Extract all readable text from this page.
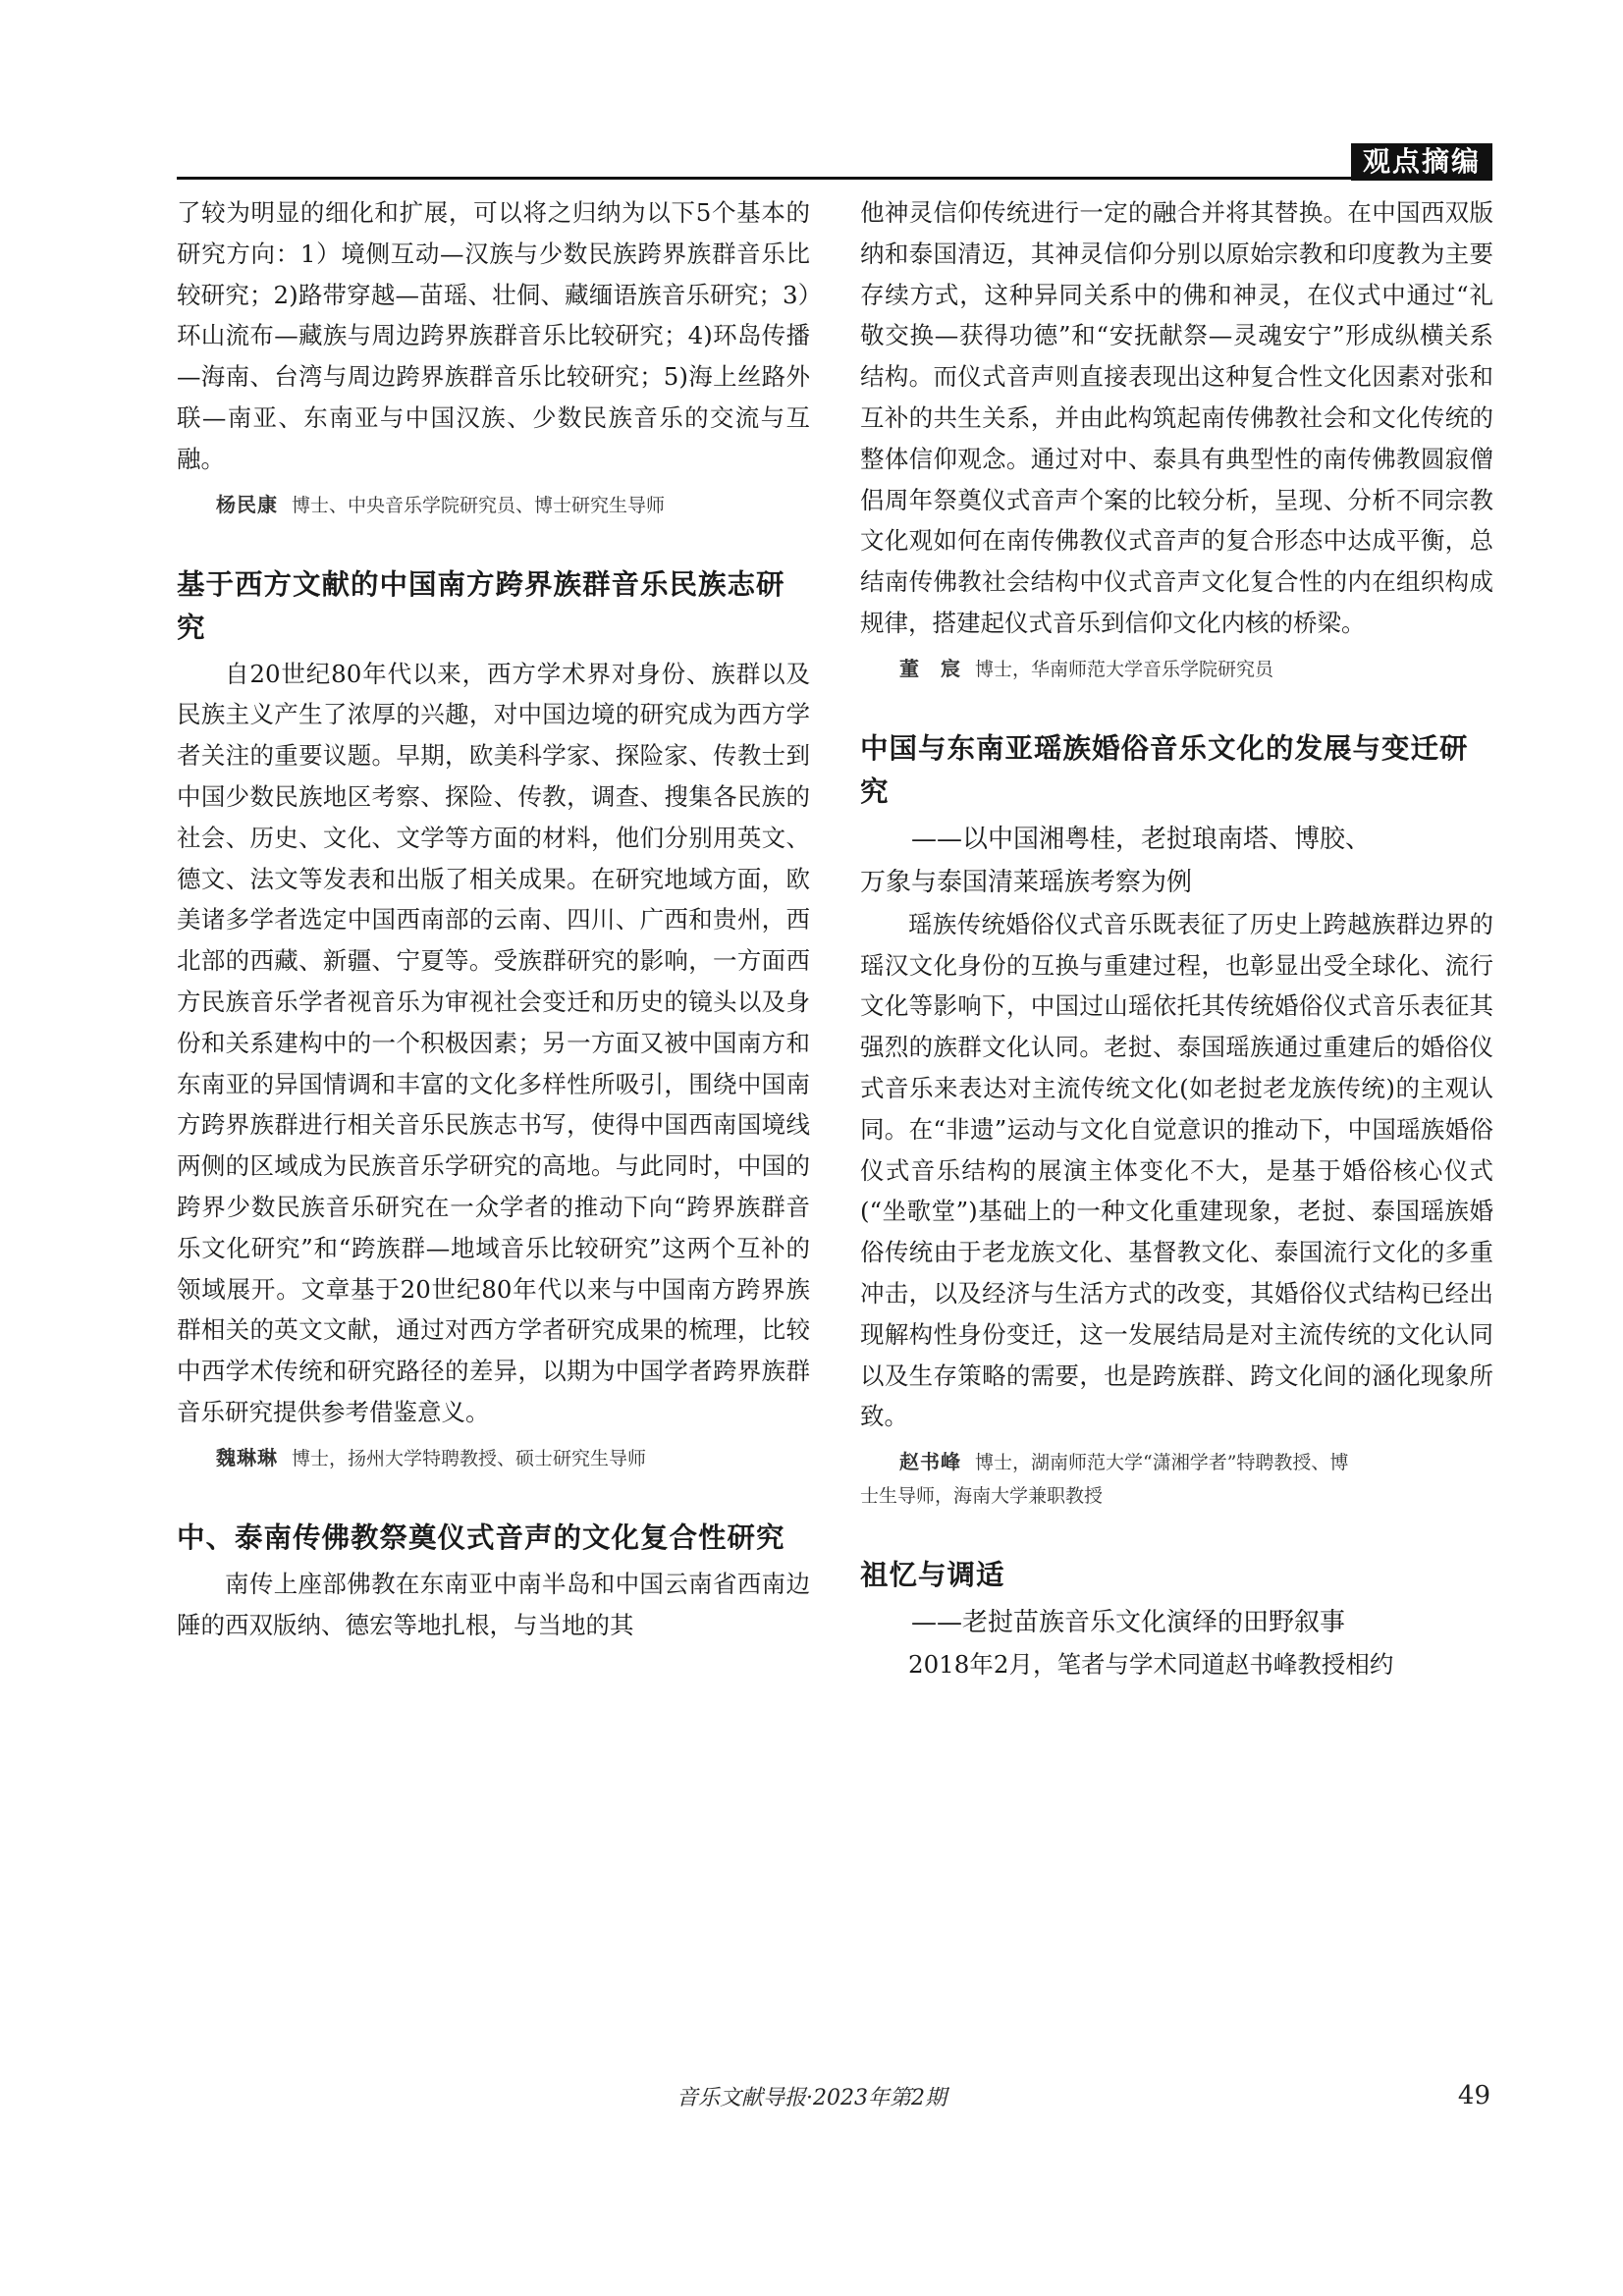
观点摘编

了较为明显的细化和扩展，可以将之归纳为以下5个基本的研究方向：1）境侧互动—汉族与少数民族跨界族群音乐比较研究；2)路带穿越—苗瑶、壮侗、藏缅语族音乐研究；3）环山流布—藏族与周边跨界族群音乐比较研究；4)环岛传播—海南、台湾与周边跨界族群音乐比较研究；5)海上丝路外联—南亚、东南亚与中国汉族、少数民族音乐的交流与互融。

杨民康 博士、中央音乐学院研究员、博士研究生导师
基于西方文献的中国南方跨界族群音乐民族志研究

自20世纪80年代以来，西方学术界对身份、族群以及民族主义产生了浓厚的兴趣，对中国边境的研究成为西方学者关注的重要议题。早期，欧美科学家、探险家、传教士到中国少数民族地区考察、探险、传教，调查、搜集各民族的社会、历史、文化、文学等方面的材料，他们分别用英文、德文、法文等发表和出版了相关成果。在研究地域方面，欧美诸多学者选定中国西南部的云南、四川、广西和贵州，西北部的西藏、新疆、宁夏等。受族群研究的影响，一方面西方民族音乐学者视音乐为审视社会变迁和历史的镜头以及身份和关系建构中的一个积极因素；另一方面又被中国南方和东南亚的异国情调和丰富的文化多样性所吸引，围绕中国南方跨界族群进行相关音乐民族志书写，使得中国西南国境线两侧的区域成为民族音乐学研究的高地。与此同时，中国的跨界少数民族音乐研究在一众学者的推动下向“跨界族群音乐文化研究”和“跨族群—地域音乐比较研究”这两个互补的领域展开。文章基于20世纪80年代以来与中国南方跨界族群相关的英文文献，通过对西方学者研究成果的梳理，比较中西学术传统和研究路径的差异，以期为中国学者跨界族群音乐研究提供参考借鉴意义。

魏琳琳 博士，扬州大学特聘教授、硕士研究生导师
中、泰南传佛教祭奠仪式音声的文化复合性研究

南传上座部佛教在东南亚中南半岛和中国云南省西南边陲的西双版纳、德宏等地扎根，与当地的其

他神灵信仰传统进行一定的融合并将其替换。在中国西双版纳和泰国清迈，其神灵信仰分别以原始宗教和印度教为主要存续方式，这种异同关系中的佛和神灵，在仪式中通过“礼敬交换—获得功德”和“安抚献祭—灵魂安宁”形成纵横关系结构。而仪式音声则直接表现出这种复合性文化因素对张和互补的共生关系，并由此构筑起南传佛教社会和文化传统的整体信仰观念。通过对中、泰具有典型性的南传佛教圆寂僧侣周年祭奠仪式音声个案的比较分析，呈现、分析不同宗教文化观如何在南传佛教仪式音声的复合形态中达成平衡，总结南传佛教社会结构中仪式音声文化复合性的内在组织构成规律，搭建起仪式音乐到信仰文化内核的桥梁。

董　宸 博士，华南师范大学音乐学院研究员
中国与东南亚瑶族婚俗音乐文化的发展与变迁研究

——以中国湘粤桂，老挝琅南塔、博胶、

万象与泰国清莱瑶族考察为例

瑶族传统婚俗仪式音乐既表征了历史上跨越族群边界的瑶汉文化身份的互换与重建过程，也彰显出受全球化、流行文化等影响下，中国过山瑶依托其传统婚俗仪式音乐表征其强烈的族群文化认同。老挝、泰国瑶族通过重建后的婚俗仪式音乐来表达对主流传统文化(如老挝老龙族传统)的主观认同。在“非遗”运动与文化自觉意识的推动下，中国瑶族婚俗仪式音乐结构的展演主体变化不大，是基于婚俗核心仪式(“坐歌堂”)基础上的一种文化重建现象，老挝、泰国瑶族婚俗传统由于老龙族文化、基督教文化、泰国流行文化的多重冲击，以及经济与生活方式的改变，其婚俗仪式结构已经出现解构性身份变迁，这一发展结局是对主流传统的文化认同以及生存策略的需要，也是跨族群、跨文化间的涵化现象所致。

赵书峰 博士，湖南师范大学“潇湘学者”特聘教授、博
士生导师，海南大学兼职教授
祖忆与调适

——老挝苗族音乐文化演绎的田野叙事

2018年2月，笔者与学术同道赵书峰教授相约

音乐文献导报·2023年第2期	49
